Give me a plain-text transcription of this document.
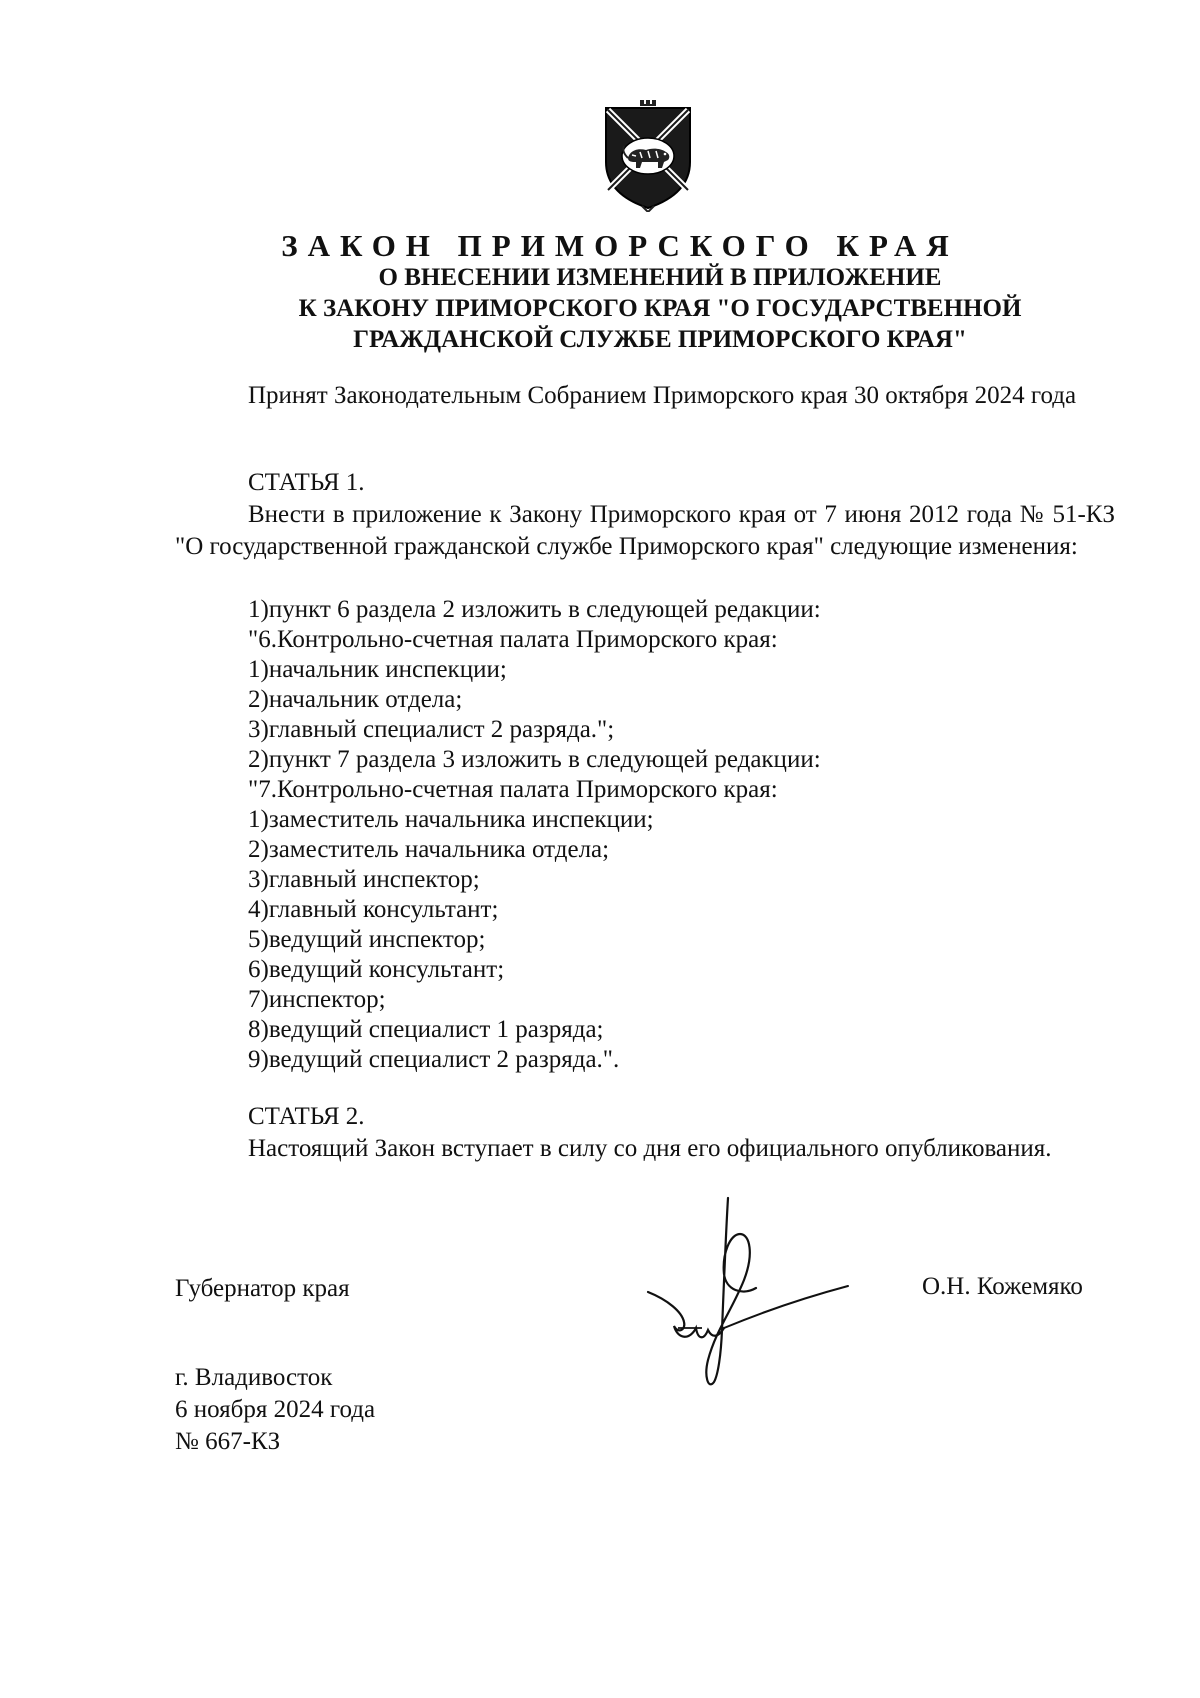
ЗАКОН ПРИМОРСКОГО КРАЯ
О ВНЕСЕНИИ ИЗМЕНЕНИЙ В ПРИЛОЖЕНИЕ
К ЗАКОНУ ПРИМОРСКОГО КРАЯ "О ГОСУДАРСТВЕННОЙ
ГРАЖДАНСКОЙ СЛУЖБЕ ПРИМОРСКОГО КРАЯ"

Принят Законодательным Собранием Приморского края 30 октября 2024 года

СТАТЬЯ 1.

Внести в приложение к Закону Приморского края от 7 июня 2012 года № 51-КЗ "О государственной гражданской службе Приморского края" следующие изменения:

1)пункт 6 раздела 2 изложить в следующей редакции:

"6.Контрольно-счетная палата Приморского края:

1)начальник инспекции;

2)начальник отдела;

3)главный специалист 2 разряда.";

2)пункт 7 раздела 3 изложить в следующей редакции:

"7.Контрольно-счетная палата Приморского края:

1)заместитель начальника инспекции;

2)заместитель начальника отдела;

3)главный инспектор;

4)главный консультант;

5)ведущий инспектор;

6)ведущий консультант;

7)инспектор;

8)ведущий специалист 1 разряда;

9)ведущий специалист 2 разряда.".

СТАТЬЯ 2.

Настоящий Закон вступает в силу со дня его официального опубликования.

Губернатор края	О.Н. Кожемяко

г. Владивосток

6 ноября 2024 года

№ 667-КЗ
